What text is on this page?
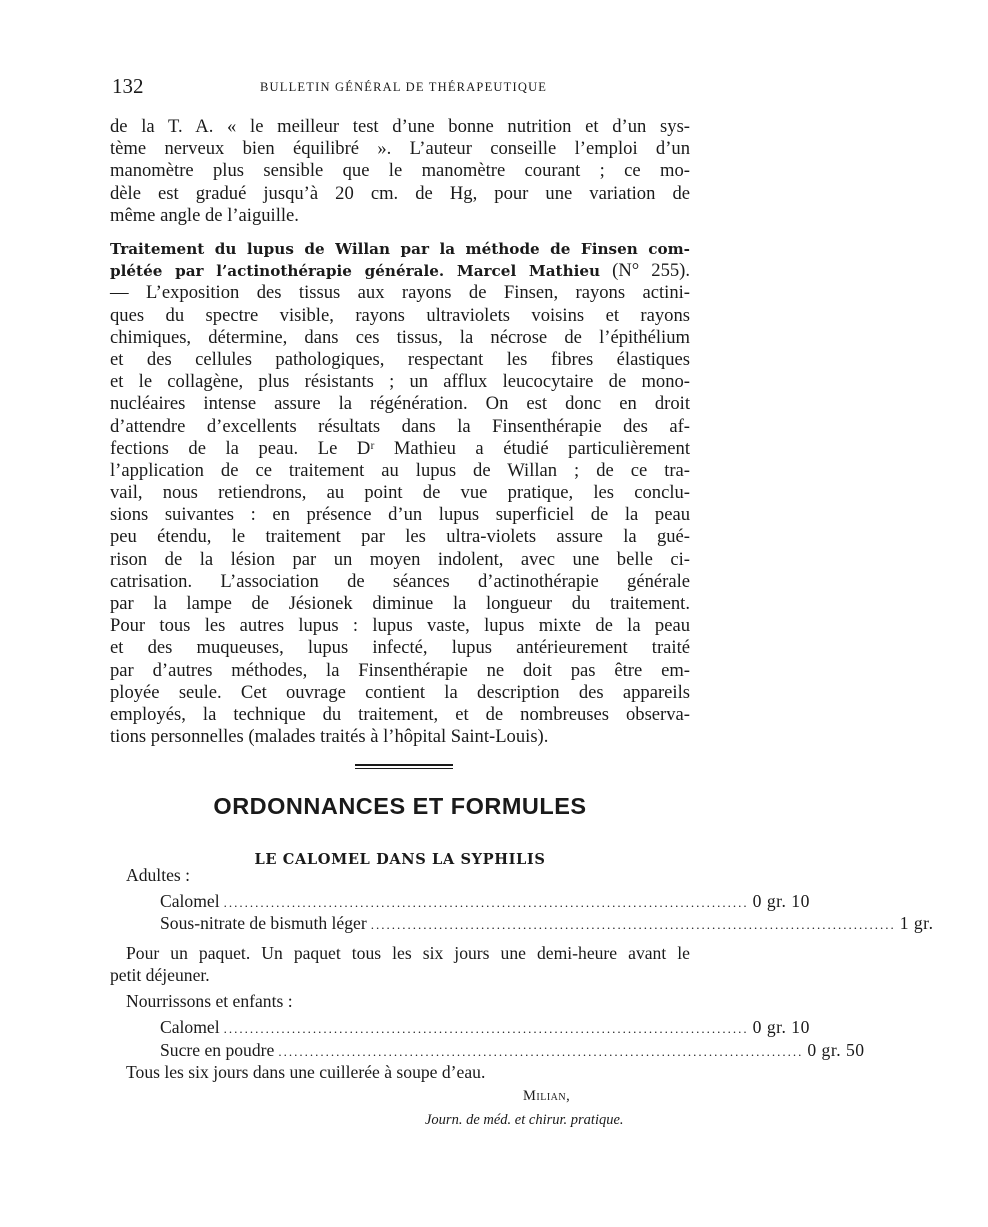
132	BULLETIN GÉNÉRAL DE THÉRAPEUTIQUE
de la T. A. « le meilleur test d’une bonne nutrition et d’un sys-
tème nerveux bien équilibré ». L’auteur conseille l’emploi d’un
manomètre plus sensible que le manomètre courant ; ce mo-
dèle est gradué jusqu’à 20 cm. de Hg, pour une variation de
même angle de l’aiguille.
Traitement du lupus de Willan par la méthode de Finsen com-
plétée par l’actinothérapie générale. Marcel Mathieu (N° 255).
— L’exposition des tissus aux rayons de Finsen, rayons actini-
ques du spectre visible, rayons ultraviolets voisins et rayons
chimiques, détermine, dans ces tissus, la nécrose de l’épithélium
et des cellules pathologiques, respectant les fibres élastiques
et le collagène, plus résistants ; un afflux leucocytaire de mono-
nucléaires intense assure la régénération. On est donc en droit
d’attendre d’excellents résultats dans la Finsenthérapie des af-
fections de la peau. Le Dʳ Mathieu a étudié particulièrement
l’application de ce traitement au lupus de Willan ; de ce tra-
vail, nous retiendrons, au point de vue pratique, les conclu-
sions suivantes : en présence d’un lupus superficiel de la peau
peu étendu, le traitement par les ultra-violets assure la gué-
rison de la lésion par un moyen indolent, avec une belle ci-
catrisation. L’association de séances d’actinothérapie générale
par la lampe de Jésionek diminue la longueur du traitement.
Pour tous les autres lupus : lupus vaste, lupus mixte de la peau
et des muqueuses, lupus infecté, lupus antérieurement traité
par d’autres méthodes, la Finsenthérapie ne doit pas être em-
ployée seule. Cet ouvrage contient la description des appareils
employés, la technique du traitement, et de nombreuses observa-
tions personnelles (malades traités à l’hôpital Saint-Louis).
ORDONNANCES ET FORMULES
LE CALOMEL DANS LA SYPHILIS
Adultes :
Calomel .................................................................................................... 0 gr. 10
Sous-nitrate de bismuth léger .................................................................................................... 1 gr.
Pour un paquet. Un paquet tous les six jours une demi-heure avant le
petit déjeuner.
Nourrissons et enfants :
Calomel .................................................................................................... 0 gr. 10
Sucre en poudre .................................................................................................... 0 gr. 50
Tous les six jours dans une cuillerée à soupe d’eau.
Milian,
Journ. de méd. et chirur. pratique.
